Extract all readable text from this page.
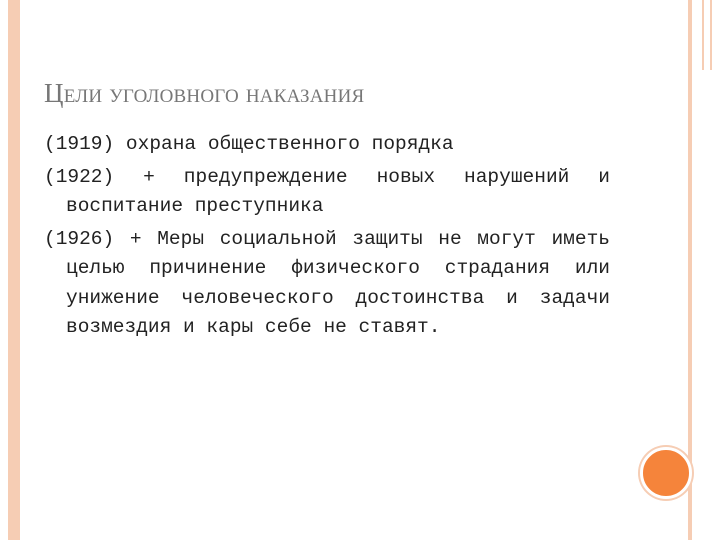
Цели уголовного наказания

(1919) охрана общественного порядка

(1922) + предупреждение новых нарушений и воспитание преступника

(1926) + Меры социальной защиты не могут иметь целью причинение физического страдания или унижение человеческого достоинства и задачи возмездия и кары себе не ставят.
